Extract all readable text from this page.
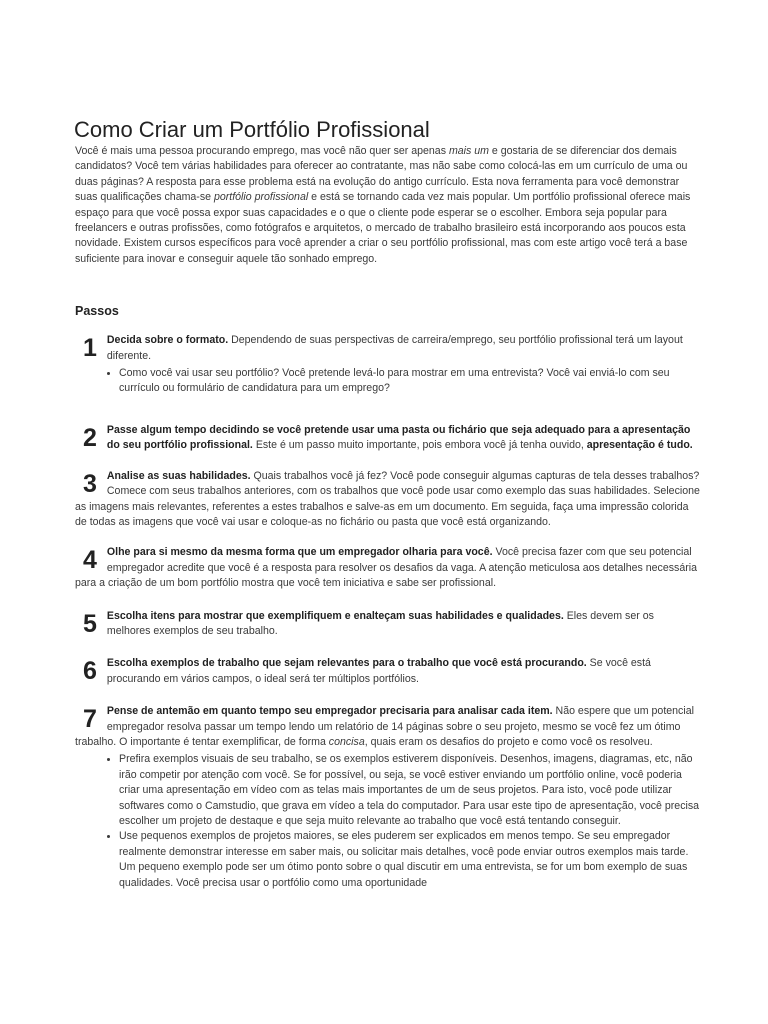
Como Criar um Portfólio Profissional

Você é mais uma pessoa procurando emprego, mas você não quer ser apenas mais um e gostaria de se diferenciar dos demais candidatos? Você tem várias habilidades para oferecer ao contratante, mas não sabe como colocá-las em um currículo de uma ou duas páginas? A resposta para esse problema está na evolução do antigo currículo. Esta nova ferramenta para você demonstrar suas qualificações chama-se portfólio profissional e está se tornando cada vez mais popular. Um portfólio profissional oferece mais espaço para que você possa expor suas capacidades e o que o cliente pode esperar se o escolher. Embora seja popular para freelancers e outras profissões, como fotógrafos e arquitetos, o mercado de trabalho brasileiro está incorporando aos poucos esta novidade. Existem cursos específicos para você aprender a criar o seu portfólio profissional, mas com este artigo você terá a base suficiente para inovar e conseguir aquele tão sonhado emprego.

Passos
1 Decida sobre o formato. Dependendo de suas perspectivas de carreira/emprego, seu portfólio profissional terá um layout diferente.

• Como você vai usar seu portfólio? Você pretende levá-lo para mostrar em uma entrevista? Você vai enviá-lo com seu currículo ou formulário de candidatura para um emprego?
2 Passe algum tempo decidindo se você pretende usar uma pasta ou fichário que seja adequado para a apresentação do seu portfólio profissional. Este é um passo muito importante, pois embora você já tenha ouvido, apresentação é tudo.

3 Analise as suas habilidades. Quais trabalhos você já fez? Você pode conseguir algumas capturas de tela desses trabalhos? Comece com seus trabalhos anteriores, com os trabalhos que você pode usar como exemplo das suas habilidades. Selecione as imagens mais relevantes, referentes a estes trabalhos e salve-as em um documento. Em seguida, faça uma impressão colorida de todas as imagens que você vai usar e coloque-as no fichário ou pasta que você está organizando.

4 Olhe para si mesmo da mesma forma que um empregador olharia para você. Você precisa fazer com que seu potencial empregador acredite que você é a resposta para resolver os desafios da vaga. A atenção meticulosa aos detalhes necessária para a criação de um bom portfólio mostra que você tem iniciativa e sabe ser profissional.

5 Escolha itens para mostrar que exemplifiquem e enalteçam suas habilidades e qualidades. Eles devem ser os melhores exemplos de seu trabalho.

6 Escolha exemplos de trabalho que sejam relevantes para o trabalho que você está procurando. Se você está procurando em vários campos, o ideal será ter múltiplos portfólios.

7 Pense de antemão em quanto tempo seu empregador precisaria para analisar cada item. Não espere que um potencial empregador resolva passar um tempo lendo um relatório de 14 páginas sobre o seu projeto, mesmo se você fez um ótimo trabalho. O importante é tentar exemplificar, de forma concisa, quais eram os desafios do projeto e como você os resolveu.

• Prefira exemplos visuais de seu trabalho, se os exemplos estiverem disponíveis. Desenhos, imagens, diagramas, etc, não irão competir por atenção com você. Se for possível, ou seja, se você estiver enviando um portfólio online, você poderia criar uma apresentação em vídeo com as telas mais importantes de um de seus projetos. Para isto, você pode utilizar softwares como o Camstudio, que grava em vídeo a tela do computador. Para usar este tipo de apresentação, você precisa escolher um projeto de destaque e que seja muito relevante ao trabalho que você está tentando conseguir.
• Use pequenos exemplos de projetos maiores, se eles puderem ser explicados em menos tempo. Se seu empregador realmente demonstrar interesse em saber mais, ou solicitar mais detalhes, você pode enviar outros exemplos mais tarde. Um pequeno exemplo pode ser um ótimo ponto sobre o qual discutir em uma entrevista, se for um bom exemplo de suas qualidades. Você precisa usar o portfólio como uma oportunidade
